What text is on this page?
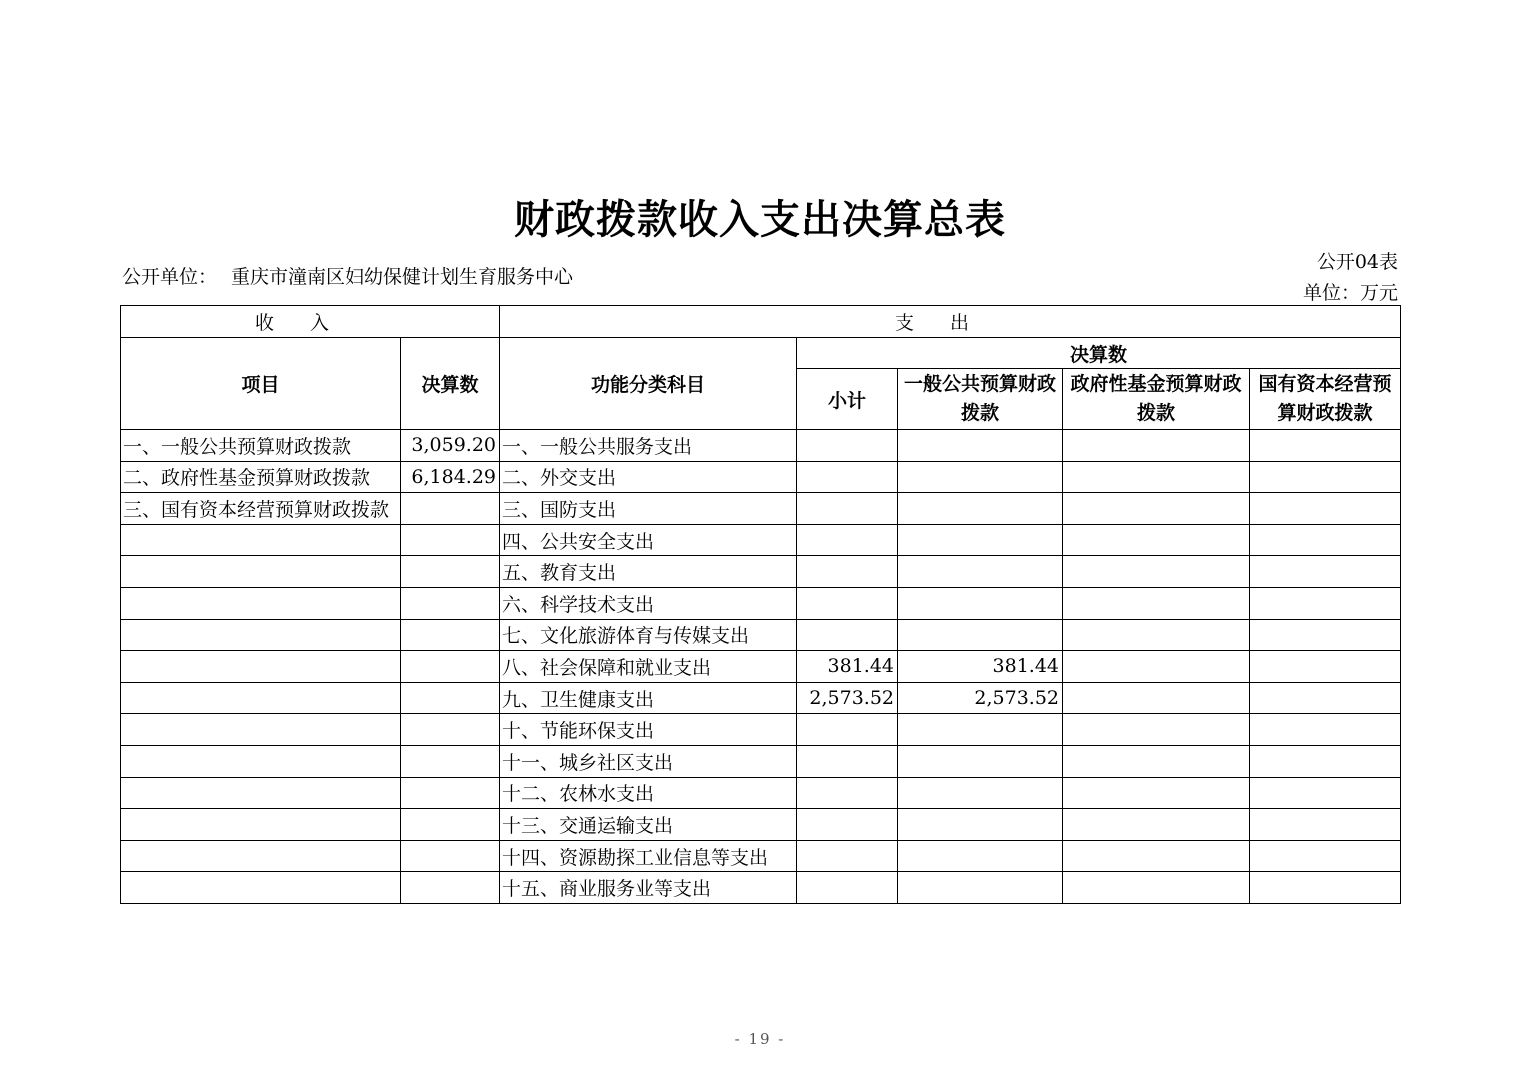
财政拨款收入支出决算总表
公开单位： 重庆市潼南区妇幼保健计划生育服务中心
公开04表
单位：万元
收入		支出				
项目	决算数	功能分类科目	决算数			
			小计	一般公共预算财政拨款	政府性基金预算财政拨款	国有资本经营预算财政拨款
一、一般公共预算财政拨款	3,059.20	一、一般公共服务支出				
二、政府性基金预算财政拨款	6,184.29	二、外交支出				
三、国有资本经营预算财政拨款		三、国防支出				
		四、公共安全支出				
		五、教育支出				
		六、科学技术支出				
		七、文化旅游体育与传媒支出				
		八、社会保障和就业支出	381.44	381.44		
		九、卫生健康支出	2,573.52	2,573.52		
		十、节能环保支出				
		十一、城乡社区支出				
		十二、农林水支出				
		十三、交通运输支出				
		十四、资源勘探工业信息等支出				
		十五、商业服务业等支出				
- 19 -
